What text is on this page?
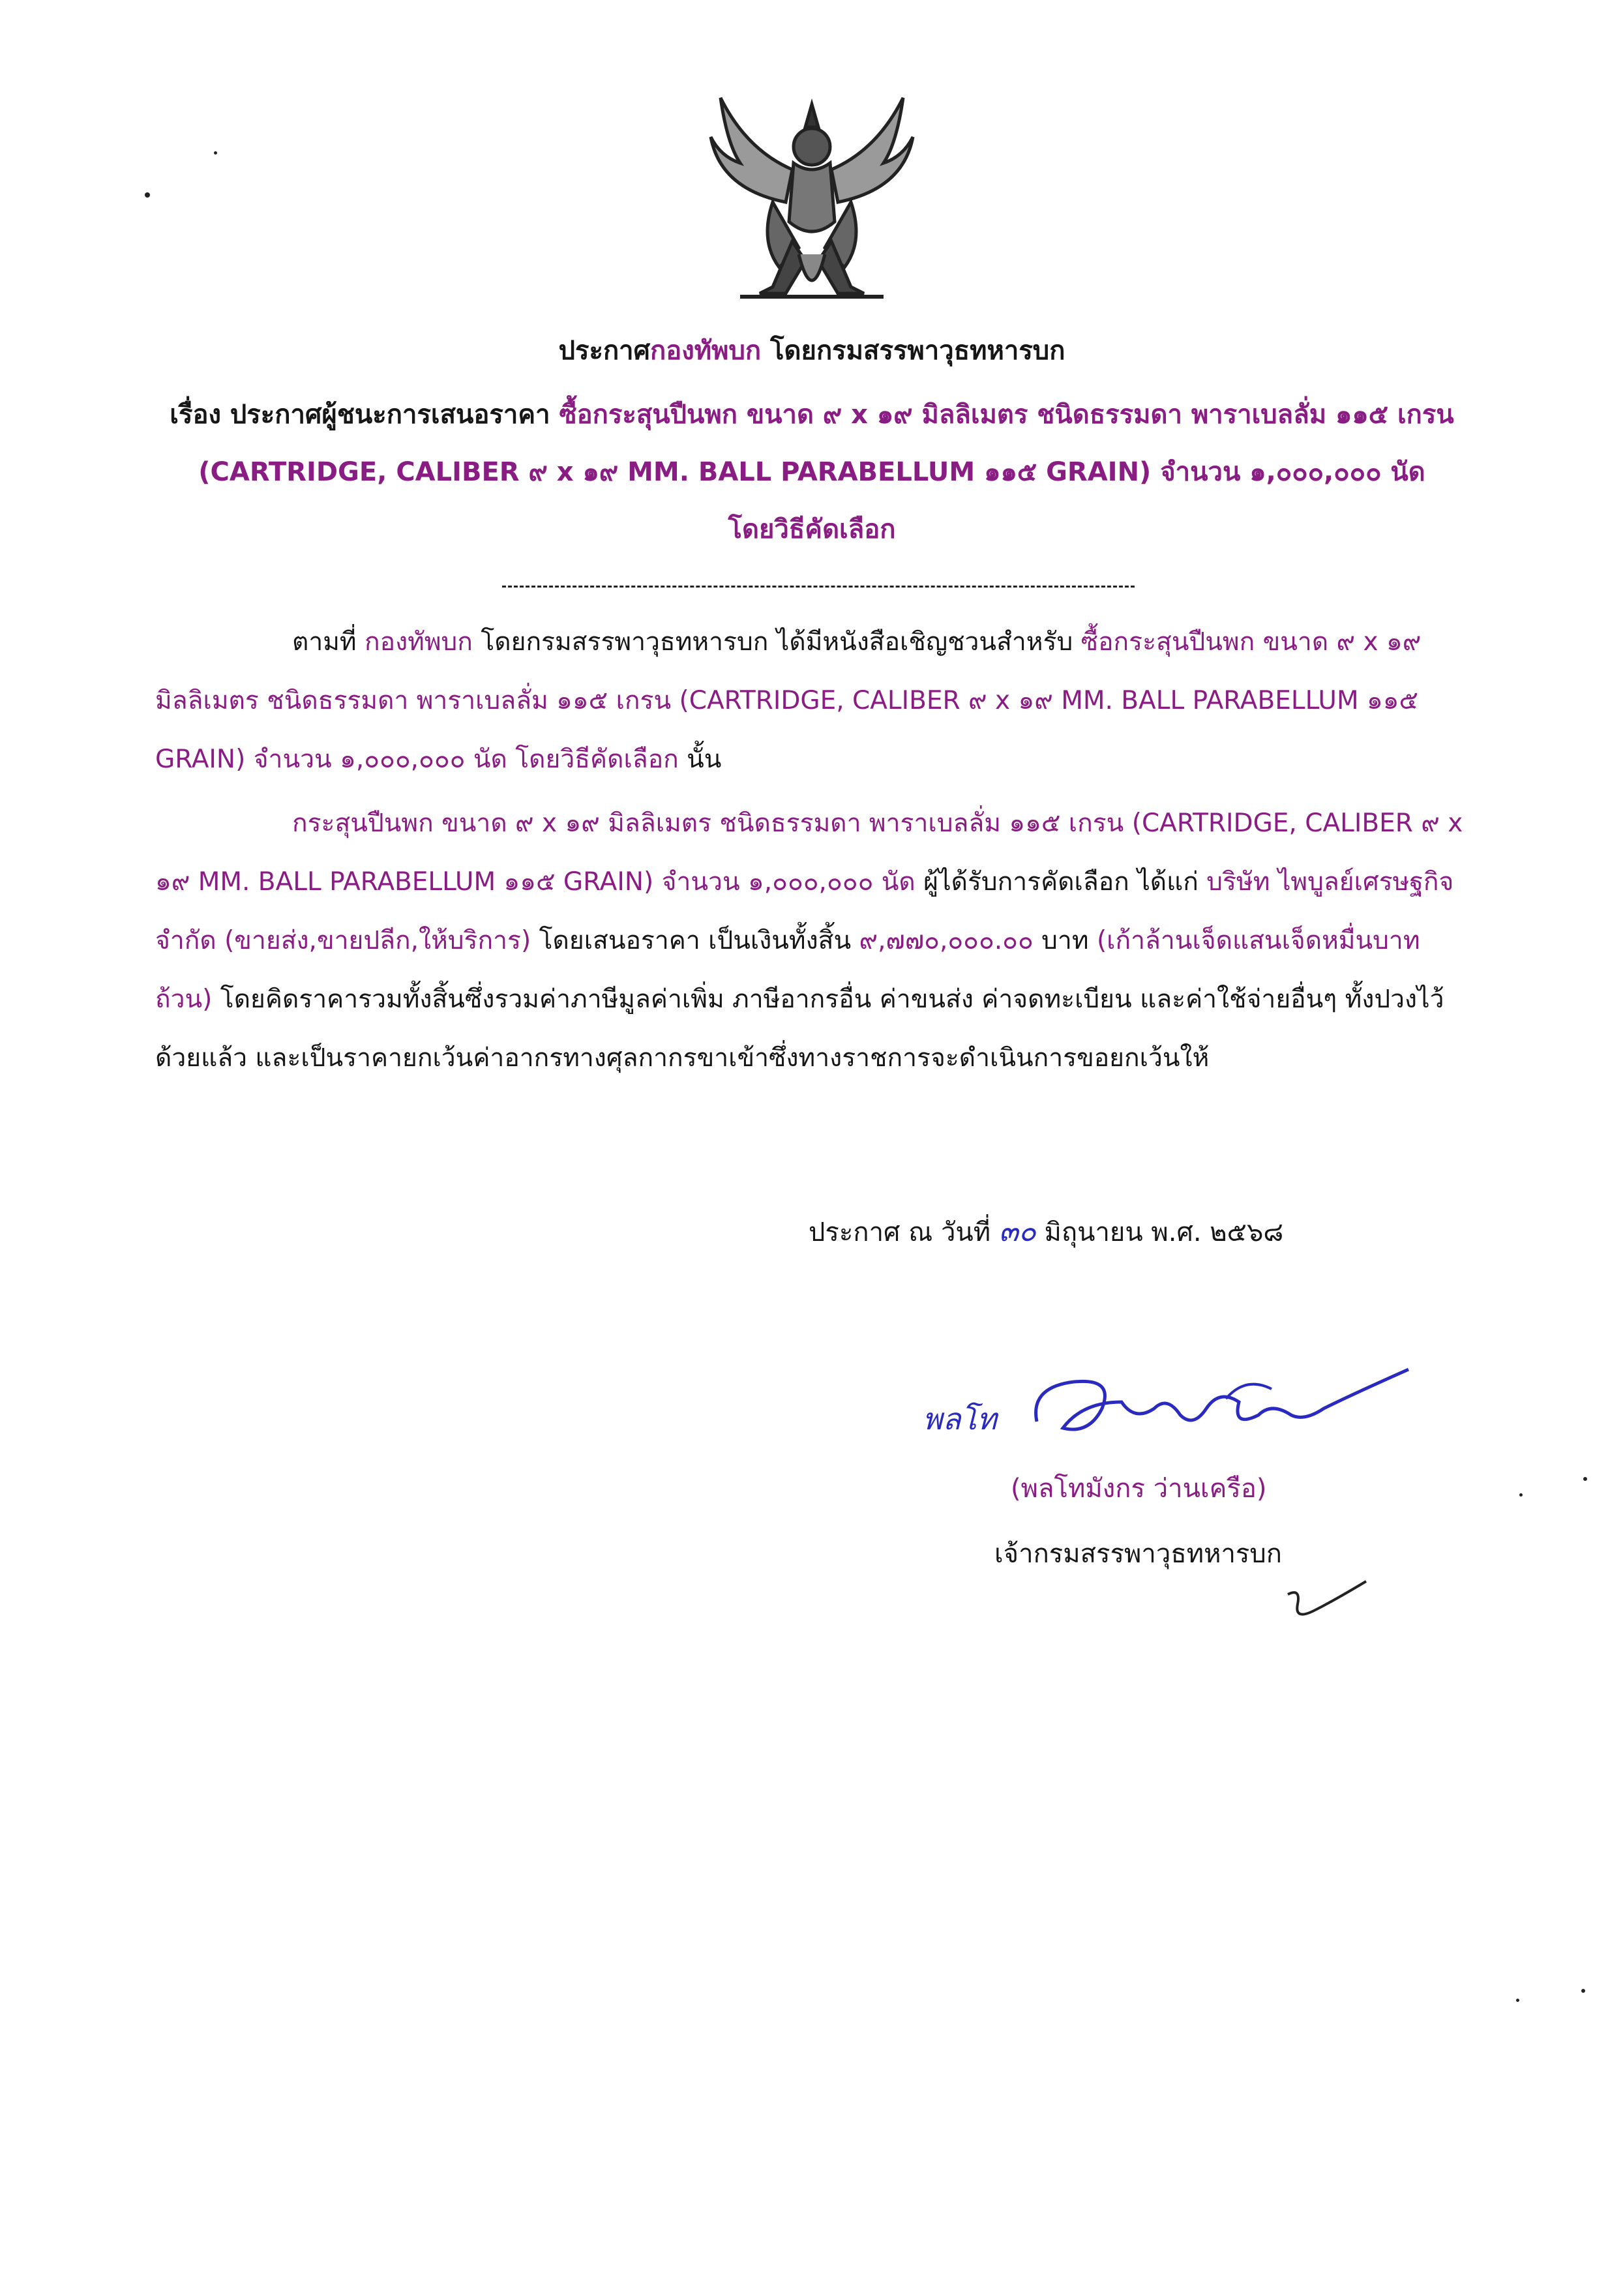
ประกาศกองทัพบก โดยกรมสรรพาวุธทหารบก
เรื่อง ประกาศผู้ชนะการเสนอราคา ซื้อกระสุนปืนพก ขนาด ๙ x ๑๙ มิลลิเมตร ชนิดธรรมดา พาราเบลลั่ม ๑๑๕ เกรน (CARTRIDGE, CALIBER ๙ x ๑๙ MM. BALL PARABELLUM ๑๑๕ GRAIN) จำนวน ๑,๐๐๐,๐๐๐ นัด
โดยวิธีคัดเลือก
ตามที่ กองทัพบก โดยกรมสรรพาวุธทหารบก ได้มีหนังสือเชิญชวนสำหรับ ซื้อกระสุนปืนพก ขนาด ๙ x ๑๙ มิลลิเมตร ชนิดธรรมดา พาราเบลลั่ม ๑๑๕ เกรน (CARTRIDGE, CALIBER ๙ x ๑๙ MM. BALL PARABELLUM ๑๑๕ GRAIN) จำนวน ๑,๐๐๐,๐๐๐ นัด โดยวิธีคัดเลือก นั้น
กระสุนปืนพก ขนาด ๙ x ๑๙ มิลลิเมตร ชนิดธรรมดา พาราเบลลั่ม ๑๑๕ เกรน (CARTRIDGE, CALIBER ๙ x ๑๙ MM. BALL PARABELLUM ๑๑๕ GRAIN) จำนวน ๑,๐๐๐,๐๐๐ นัด ผู้ได้รับการคัดเลือก ได้แก่ บริษัท ไพบูลย์เศรษฐกิจ จำกัด (ขายส่ง,ขายปลีก,ให้บริการ) โดยเสนอราคา เป็นเงินทั้งสิ้น ๙,๗๗๐,๐๐๐.๐๐ บาท (เก้าล้านเจ็ดแสนเจ็ดหมื่นบาทถ้วน) โดยคิดราคารวมทั้งสิ้นซึ่งรวมค่าภาษีมูลค่าเพิ่ม ภาษีอากรอื่น ค่าขนส่ง ค่าจดทะเบียน และค่าใช้จ่ายอื่นๆ ทั้งปวงไว้ด้วยแล้ว และเป็นราคายกเว้นค่าอากรทางศุลกากรขาเข้าซึ่งทางราชการจะดำเนินการขอยกเว้นให้
ประกาศ ณ วันที่ ๓๐ มิถุนายน พ.ศ. ๒๕๖๘
พลโท
(พลโทมังกร ว่านเครือ)
เจ้ากรมสรรพาวุธทหารบก
